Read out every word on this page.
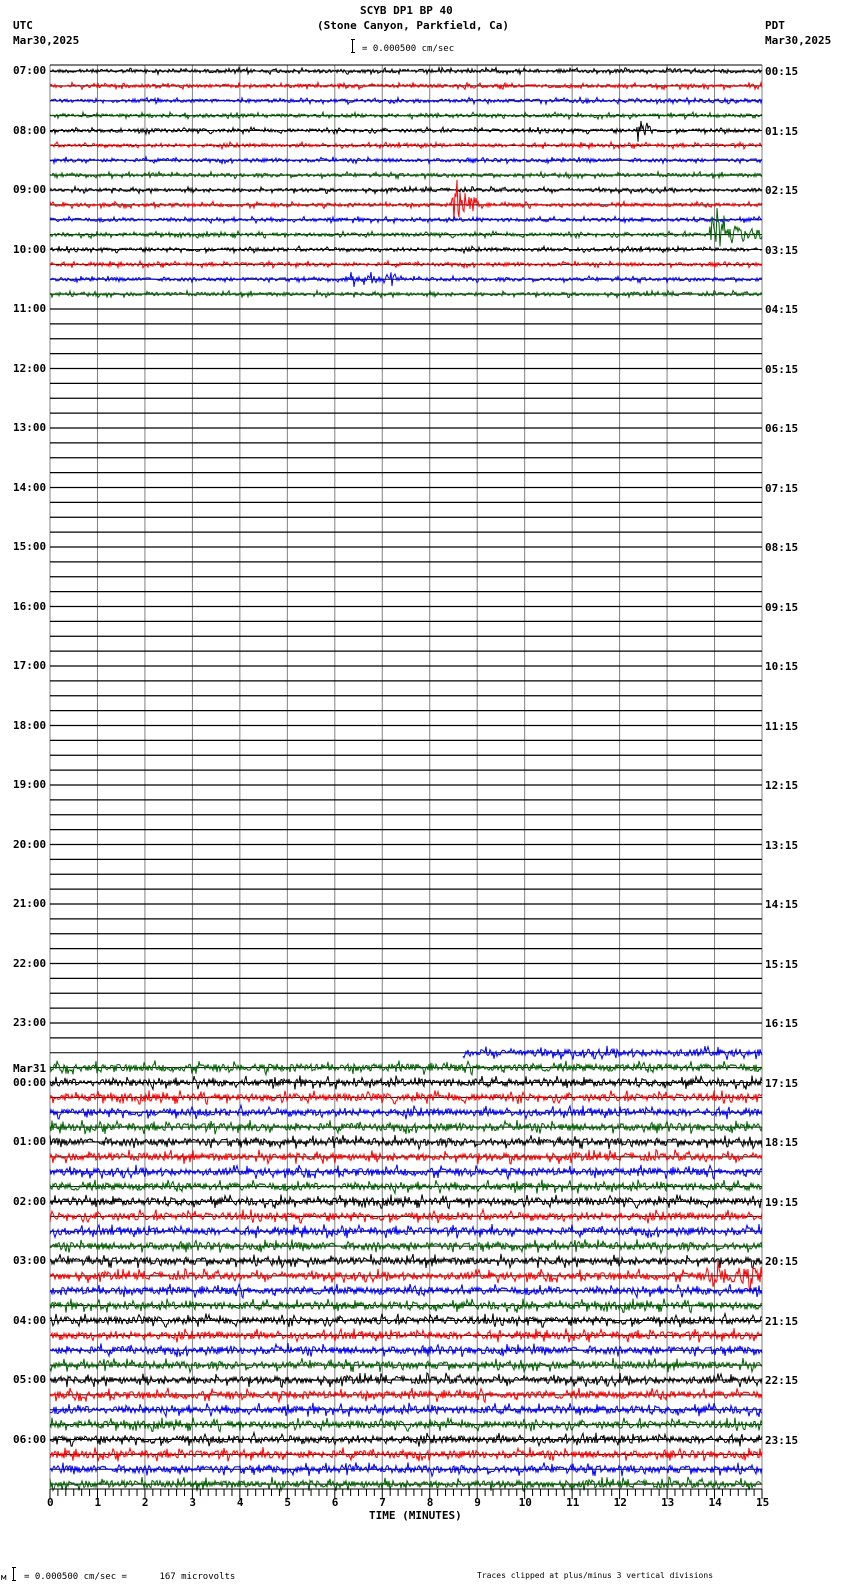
SCYB DP1 BP 40
(Stone Canyon, Parkfield, Ca)
UTC
Mar30,2025
PDT
Mar30,2025
= 0.000500 cm/sec
07:00
08:00
09:00
10:00
11:00
12:00
13:00
14:00
15:00
16:00
17:00
18:00
19:00
20:00
21:00
22:00
23:00
00:00
Mar31
01:00
02:00
03:00
04:00
05:00
06:00
00:15
01:15
02:15
03:15
04:15
05:15
06:15
07:15
08:15
09:15
10:15
11:15
12:15
13:15
14:15
15:15
16:15
17:15
18:15
19:15
20:15
21:15
22:15
23:15
0	1	2	3	4	5	6	7	8	9	10	11	12	13	14	15
TIME (MINUTES)
м = 0.000500 cm/sec =      167 microvolts	Traces clipped at plus/minus 3 vertical divisions
